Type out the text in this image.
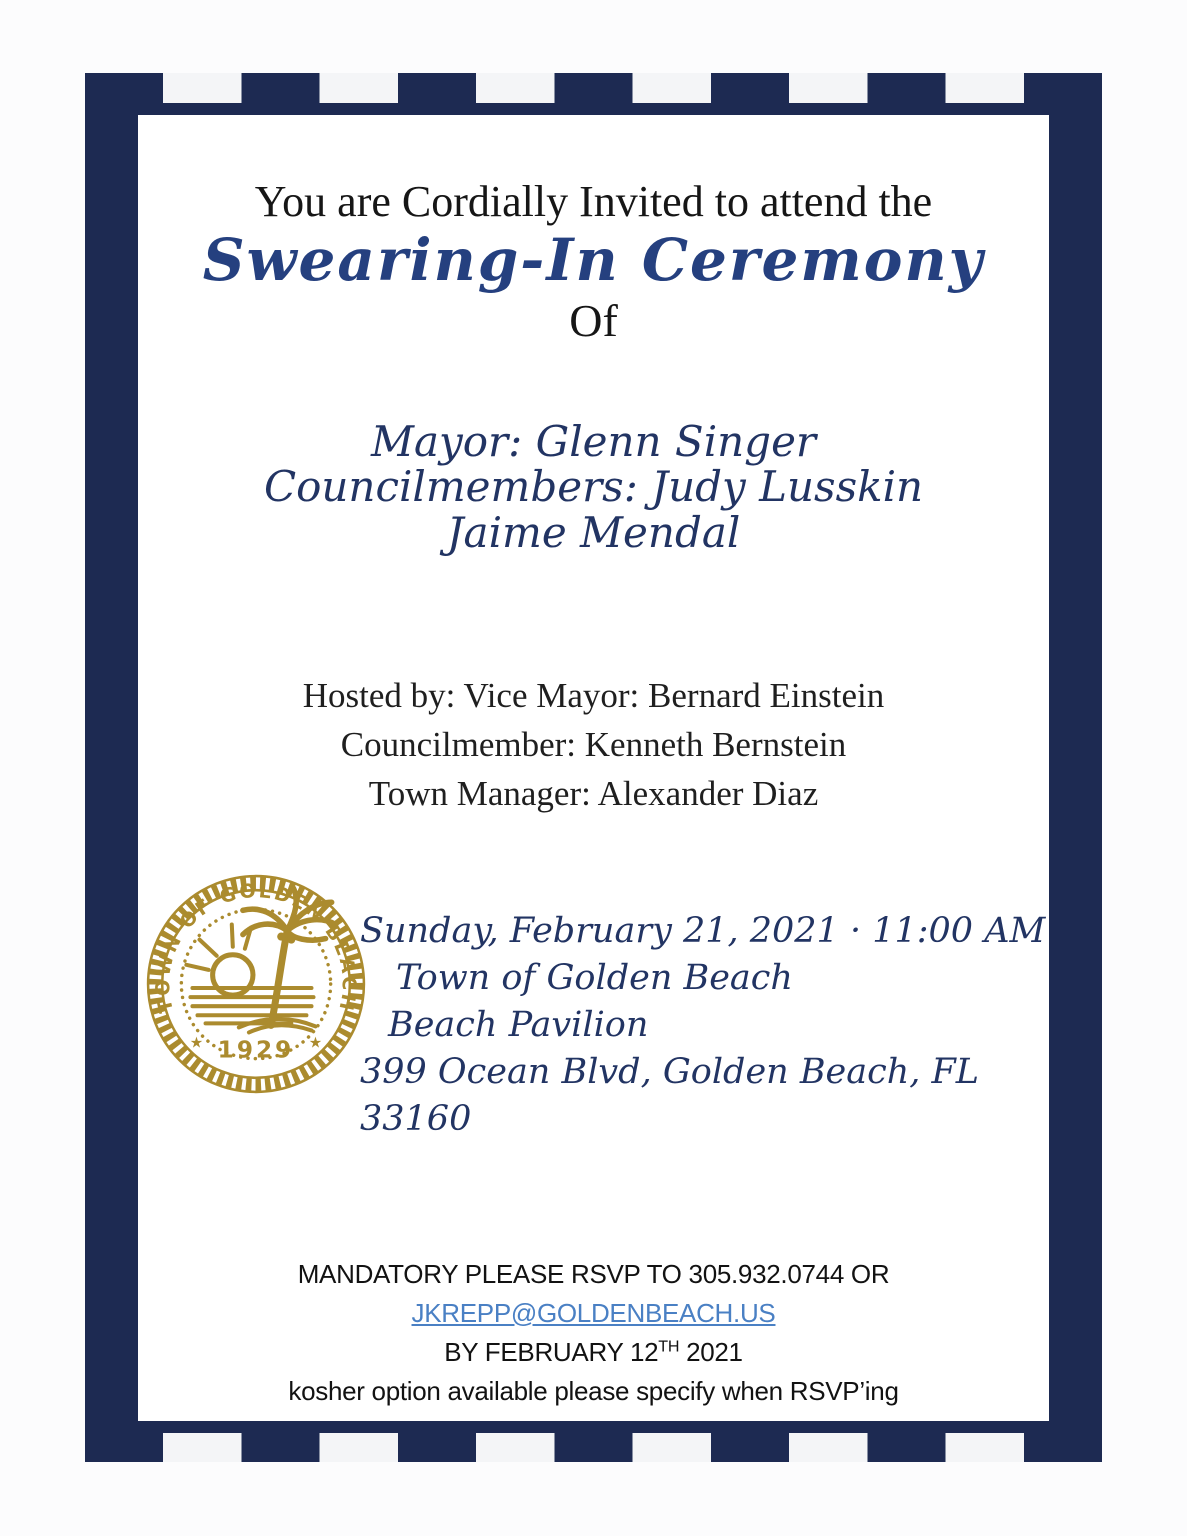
You are Cordially Invited to attend the
Swearing-In Ceremony
Of
Mayor: Glenn Singer
Councilmembers: Judy Lusskin
Jaime Mendal
Hosted by: Vice Mayor: Bernard Einstein
Councilmember: Kenneth Bernstein
Town Manager: Alexander Diaz
TOWN OF GOLDEN BEACH
★ 1929 ★
Sunday, February 21, 2021 · 11:00 AM
Town of Golden Beach
Beach Pavilion
399 Ocean Blvd, Golden Beach, FL 33160
MANDATORY PLEASE RSVP TO 305.932.0744 OR JKREPP@GOLDENBEACH.US
BY FEBRUARY 12TH 2021
kosher option available please specify when RSVP’ing
